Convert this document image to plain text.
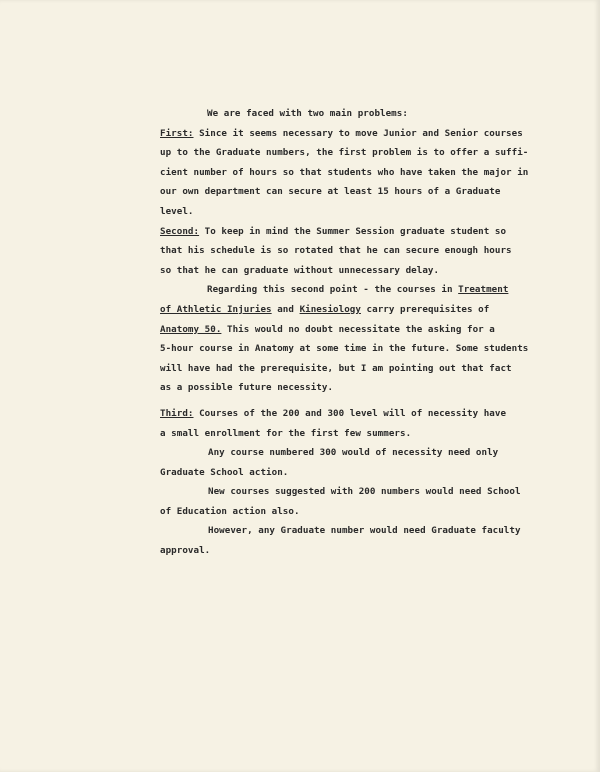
We are faced with two main problems:
First: Since it seems necessary to move Junior and Senior courses
up to the Graduate numbers, the first problem is to offer a suffi-
cient number of hours so that students who have taken the major in
our own department can secure at least 15 hours of a Graduate
level.
Second: To keep in mind the Summer Session graduate student so
that his schedule is so rotated that he can secure enough hours
so that he can graduate without unnecessary delay.
Regarding this second point - the courses in Treatment
of Athletic Injuries and Kinesiology carry prerequisites of
Anatomy 50. This would no doubt necessitate the asking for a
5-hour course in Anatomy at some time in the future. Some students
will have had the prerequisite, but I am pointing out that fact
as a possible future necessity.
Third: Courses of the 200 and 300 level will of necessity have
a small enrollment for the first few summers.
Any course numbered 300 would of necessity need only
Graduate School action.
New courses suggested with 200 numbers would need School
of Education action also.
However, any Graduate number would need Graduate faculty
approval.
